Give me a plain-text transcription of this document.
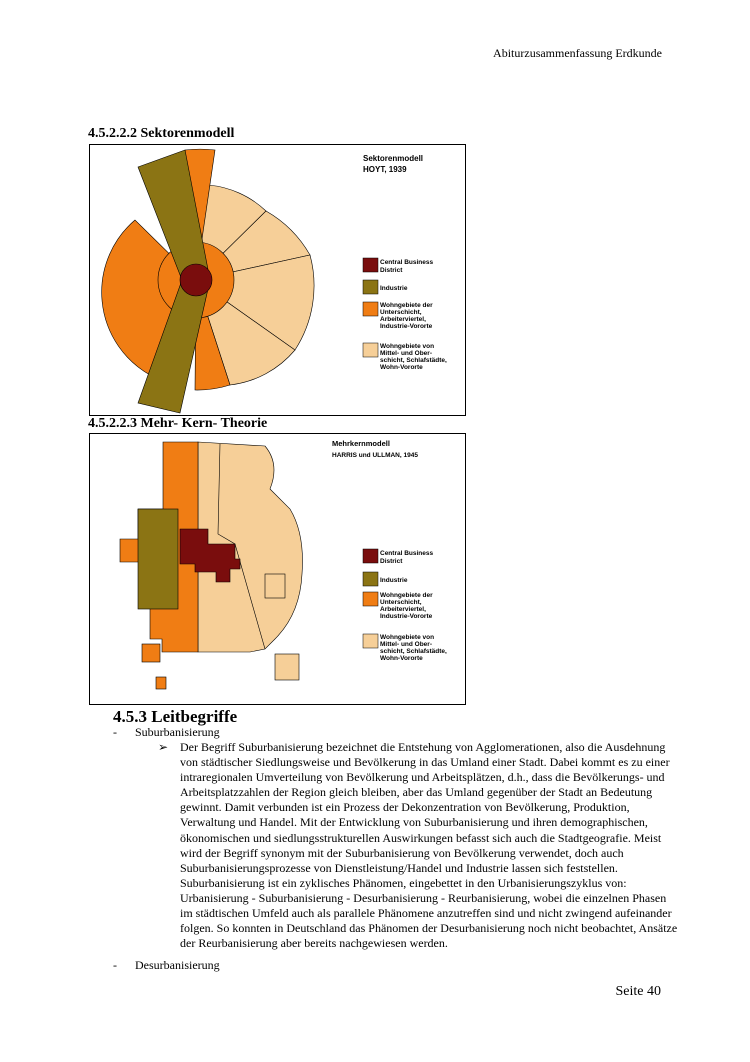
Abiturzusammenfassung Erdkunde
4.5.2.2.2 Sektorenmodell
Sektorenmodell
HOYT, 1939
Central Business
District
Industrie
Wohngebiete der
Unterschicht,
Arbeiterviertel,
Industrie-Vororte
Wohngebiete von
Mittel- und Ober-
schicht, Schlafstädte,
Wohn-Vororte
4.5.2.2.3 Mehr- Kern- Theorie
Mehrkernmodell
HARRIS und ULLMAN, 1945
Central Business
District
Industrie
Wohngebiete der
Unterschicht,
Arbeiterviertel,
Industrie-Vororte
Wohngebiete von
Mittel- und Ober-
schicht, Schlafstädte,
Wohn-Vororte
4.5.3 Leitbegriffe
- Suburbanisierung
➢ Der Begriff Suburbanisierung bezeichnet die Entstehung von Agglomerationen, also die Ausdehnung von städtischer Siedlungsweise und Bevölkerung in das Umland einer Stadt. Dabei kommt es zu einer intraregionalen Umverteilung von Bevölkerung und Arbeitsplätzen, d.h., dass die Bevölkerungs- und Arbeitsplatzzahlen der Region gleich bleiben, aber das Umland gegenüber der Stadt an Bedeutung gewinnt. Damit verbunden ist ein Prozess der Dekonzentration von Bevölkerung, Produktion, Verwaltung und Handel. Mit der Entwicklung von Suburbanisierung und ihren demographischen, ökonomischen und siedlungsstrukturellen Auswirkungen befasst sich auch die Stadtgeografie. Meist wird der Begriff synonym mit der Suburbanisierung von Bevölkerung verwendet, doch auch Suburbanisierungsprozesse von Dienstleistung/Handel und Industrie lassen sich feststellen. Suburbanisierung ist ein zyklisches Phänomen, eingebettet in den Urbanisierungszyklus von: Urbanisierung - Suburbanisierung - Desurbanisierung - Reurbanisierung, wobei die einzelnen Phasen im städtischen Umfeld auch als parallele Phänomene anzutreffen sind und nicht zwingend aufeinander folgen. So konnten in Deutschland das Phänomen der Desurbanisierung noch nicht beobachtet, Ansätze der Reurbanisierung aber bereits nachgewiesen werden.
- Desurbanisierung
Seite 40
